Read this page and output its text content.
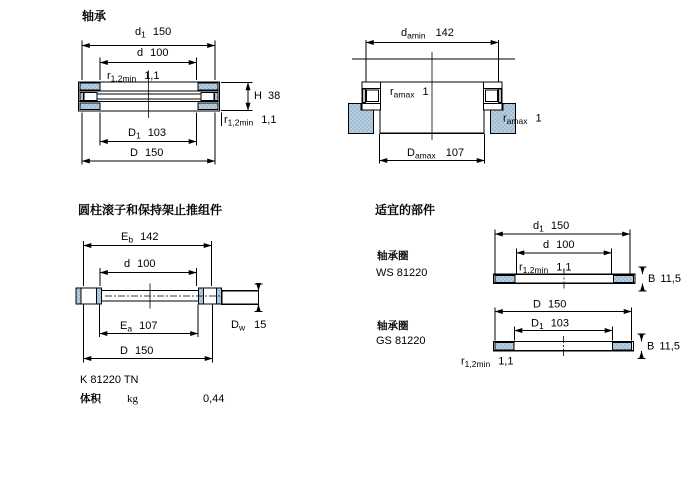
轴承
$d_1$ 150
d 100
$r_{1,2min}$ 1,1
H 38
$r_{1,2min}$ 1,1
$D_1$ 103
D 150
$d_{amin}$ 142
$r_{amax}$ 1
$r_{amax}$ 1
$D_{amax}$ 107
圆柱滚子和保持架止推组件
$E_b$ 142
d 100
$D_w$ 15
$E_a$ 107
D 150
K 81220 TN
体积 kg	0,44
适宜的部件
轴承圈
WS 81220
$d_1$ 150
d 100
$r_{1,2min}$ 1,1
B 11,5
轴承圈
GS 81220
D 150
$D_1$ 103
B 11,5
$r_{1,2min}$ 1,1
